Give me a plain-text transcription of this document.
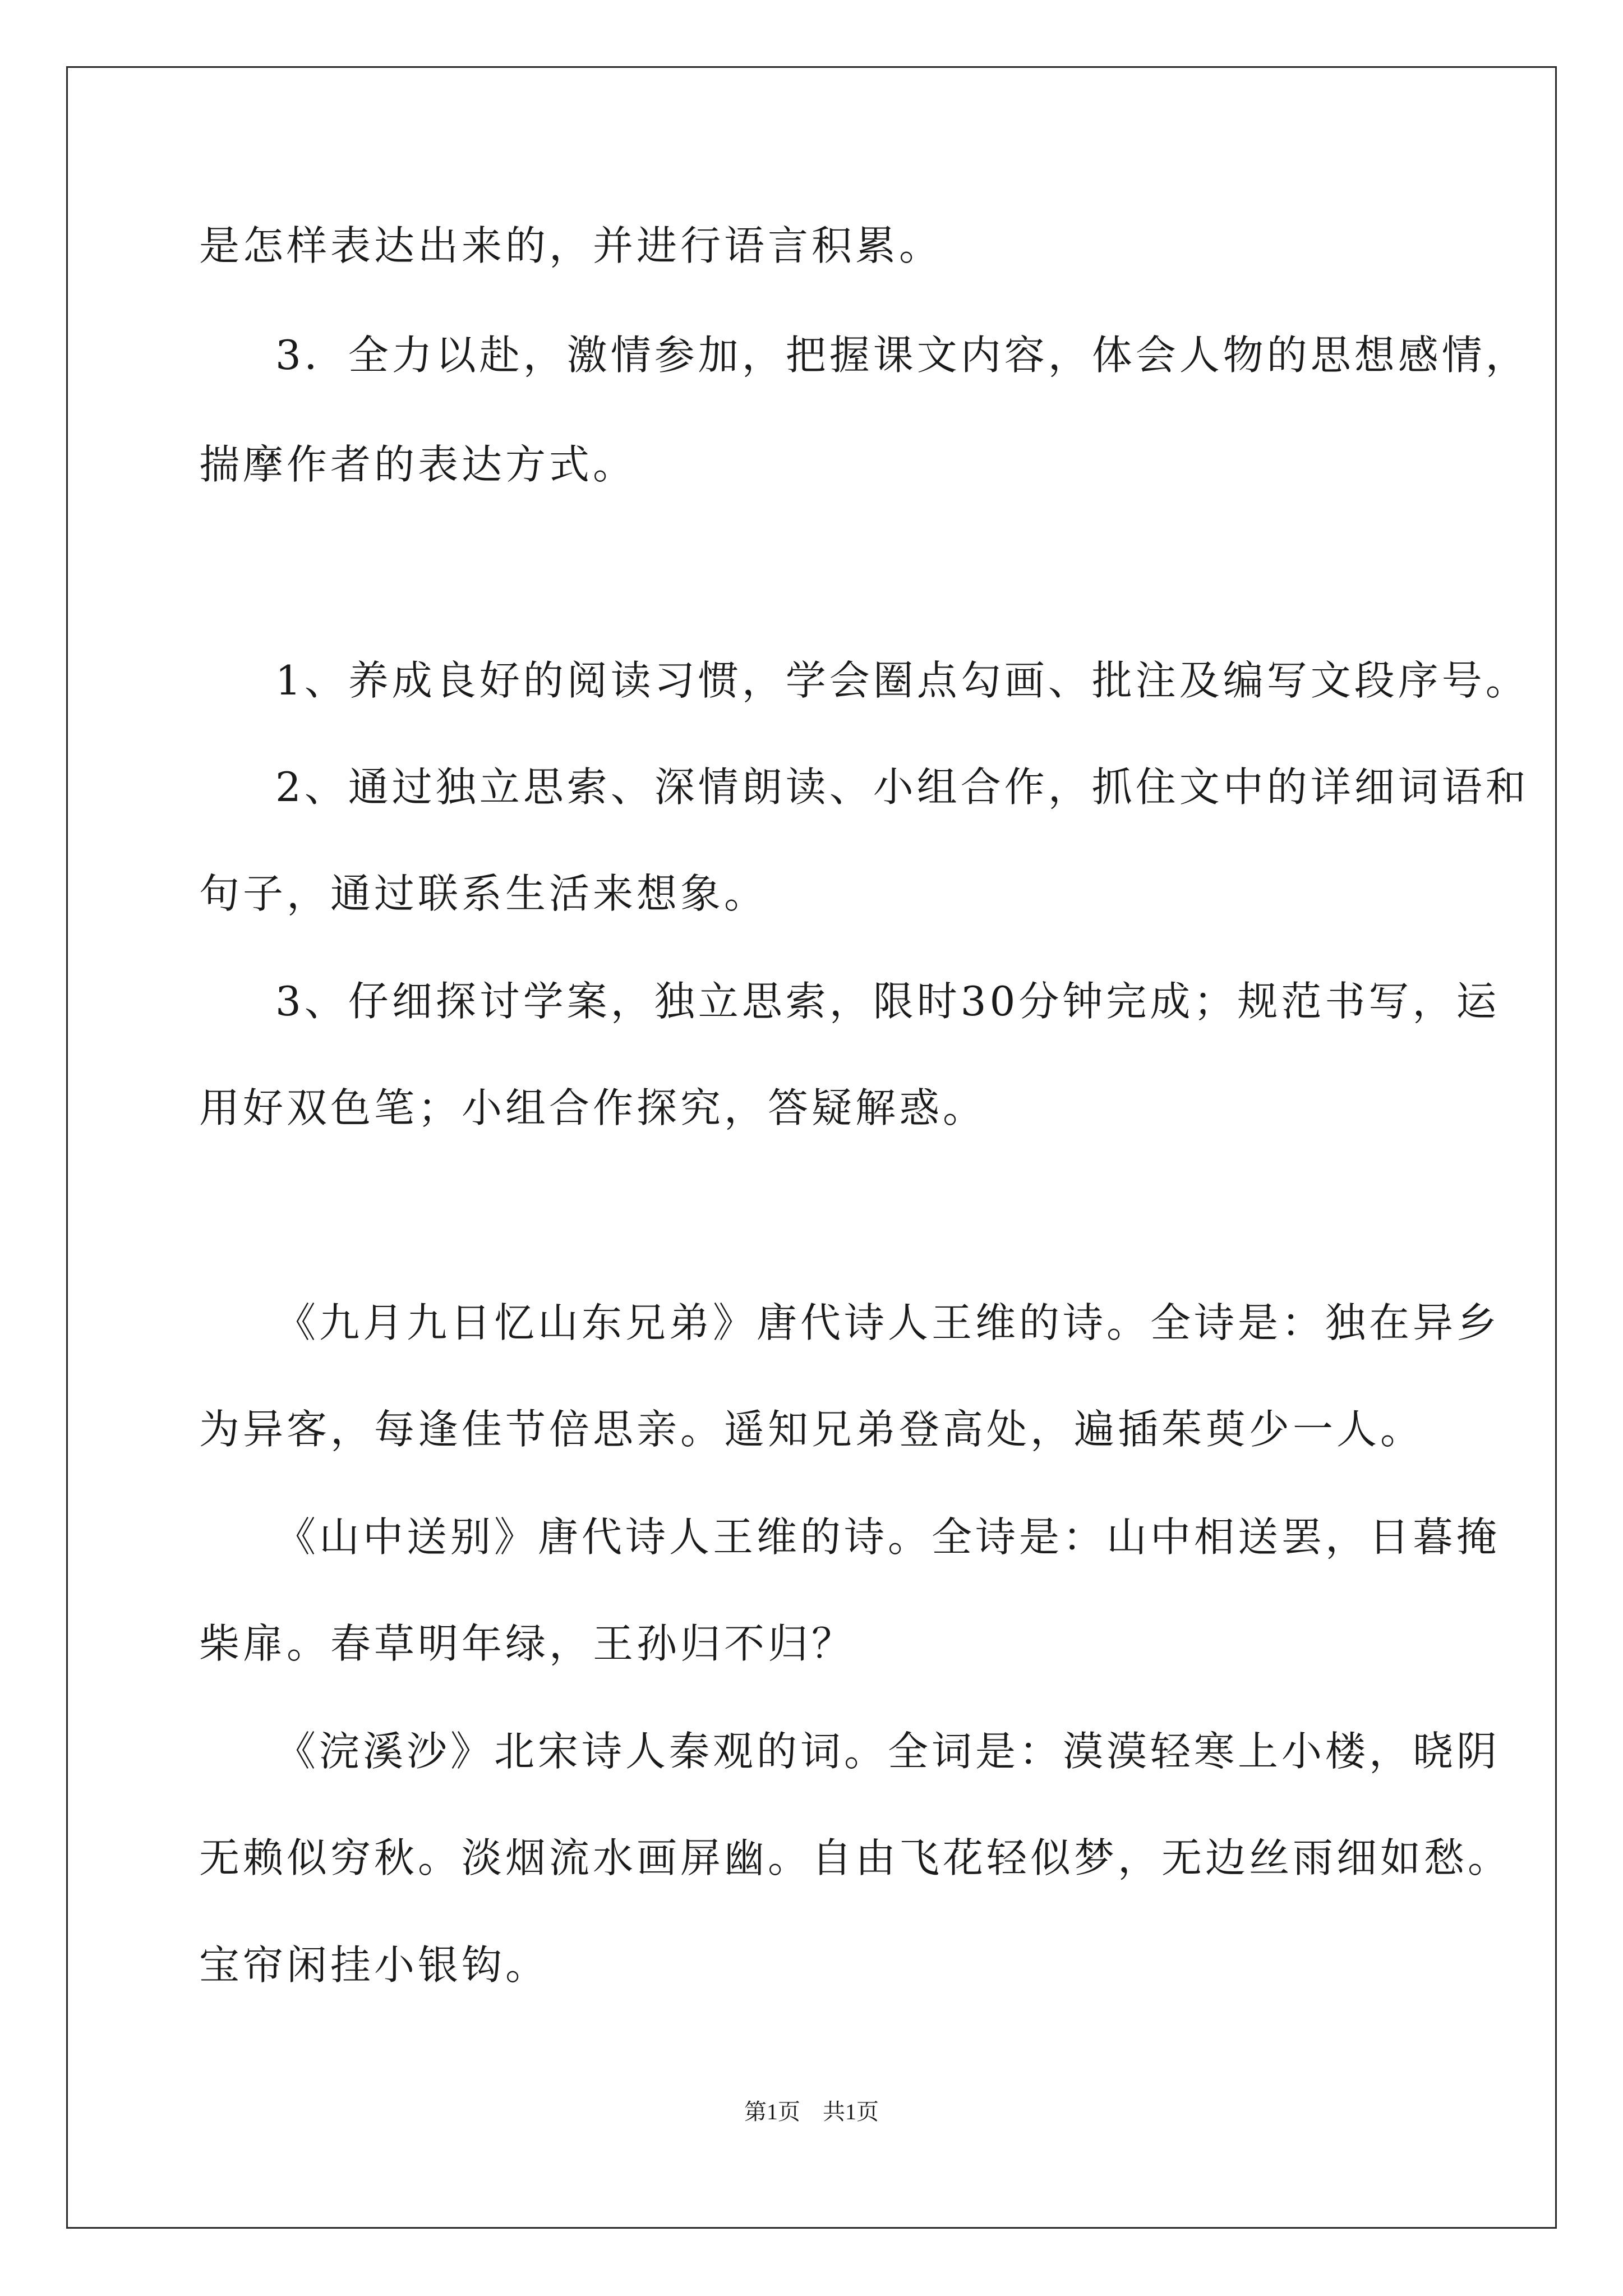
是怎样表达出来的，并进行语言积累。
3．全力以赴，激情参加，把握课文内容，体会人物的思想感情，
揣摩作者的表达方式。
1、养成良好的阅读习惯，学会圈点勾画、批注及编写文段序号。
2、通过独立思索、深情朗读、小组合作，抓住文中的详细词语和
句子，通过联系生活来想象。
3、仔细探讨学案，独立思索，限时30分钟完成；规范书写，运
用好双色笔；小组合作探究，答疑解惑。
《九月九日忆山东兄弟》唐代诗人王维的诗。全诗是：独在异乡
为异客，每逢佳节倍思亲。遥知兄弟登高处，遍插茱萸少一人。
《山中送别》唐代诗人王维的诗。全诗是：山中相送罢，日暮掩
柴扉。春草明年绿，王孙归不归？
《浣溪沙》北宋诗人秦观的词。全词是：漠漠轻寒上小楼，晓阴
无赖似穷秋。淡烟流水画屏幽。自由飞花轻似梦，无边丝雨细如愁。
宝帘闲挂小银钩。
第1页　共1页
